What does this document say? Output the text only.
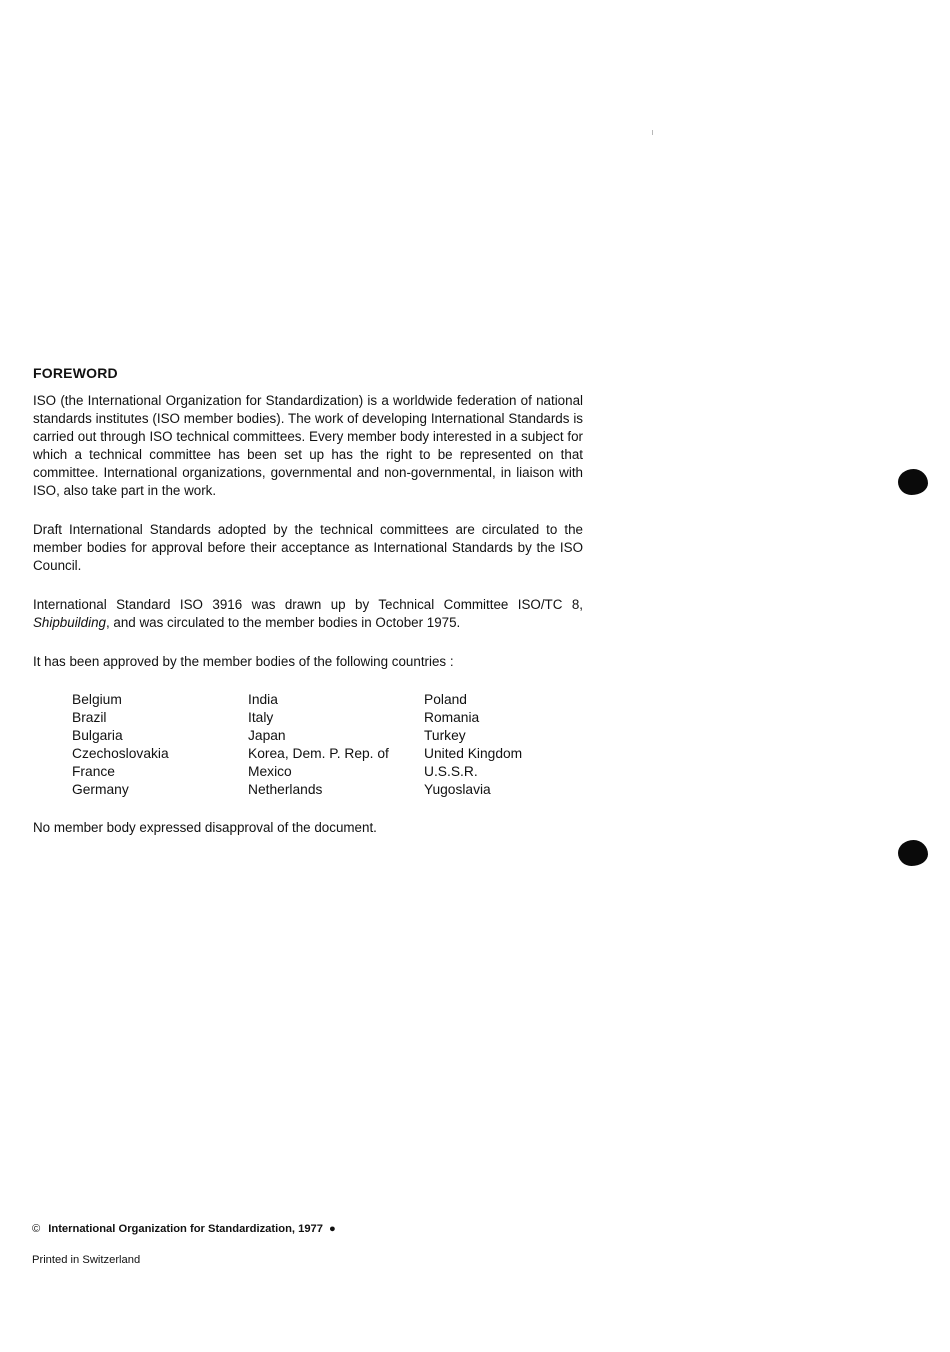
FOREWORD
ISO (the International Organization for Standardization) is a worldwide federation of national standards institutes (ISO member bodies). The work of developing International Standards is carried out through ISO technical committees. Every member body interested in a subject for which a technical committee has been set up has the right to be represented on that committee. International organizations, governmental and non-governmental, in liaison with ISO, also take part in the work.
Draft International Standards adopted by the technical committees are circulated to the member bodies for approval before their acceptance as International Standards by the ISO Council.
International Standard ISO 3916 was drawn up by Technical Committee ISO/TC 8, Shipbuilding, and was circulated to the member bodies in October 1975.
It has been approved by the member bodies of the following countries :
Belgium
Brazil
Bulgaria
Czechoslovakia
France
Germany
India
Italy
Japan
Korea, Dem. P. Rep. of
Mexico
Netherlands
Poland
Romania
Turkey
United Kingdom
U.S.S.R.
Yugoslavia
No member body expressed disapproval of the document.
© International Organization for Standardization, 1977 ●
Printed in Switzerland
